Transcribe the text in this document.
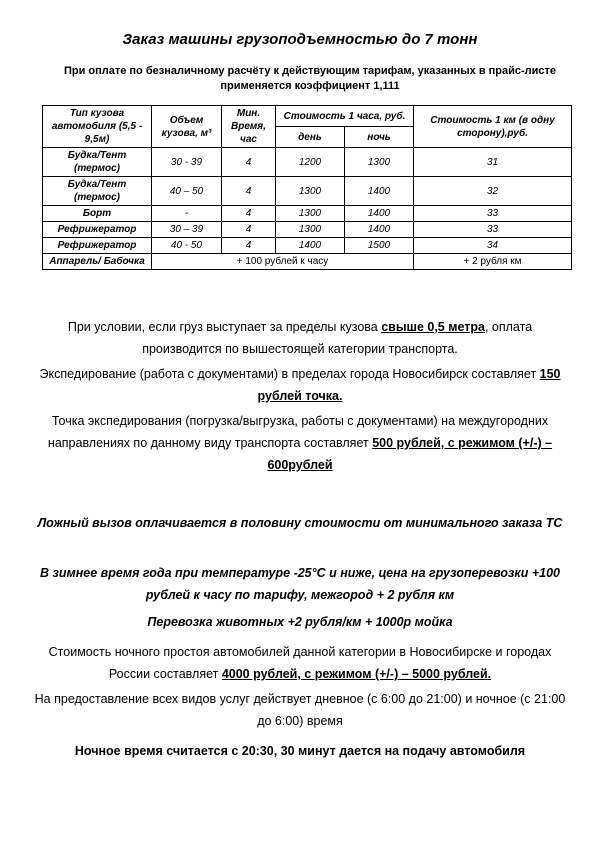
Заказ машины грузоподъемностью до 7 тонн

При оплате по безналичному расчёту к действующим тарифам, указанных в прайс-листе применяется коэффициент 1,111

Тип кузова автомобиля (5,5 - 9,5м)	Объем кузова, м³	Мин. Время, час	Стоимость 1 часа, руб.		Стоимость 1 км (в одну сторону),руб.
			день	ночь	
Будка/Тент (термос)	30 - 39	4	1200	1300	31
Будка/Тент (термос)	40 – 50	4	1300	1400	32
Борт	-	4	1300	1400	33
Рефрижератор	30 – 39	4	1300	1400	33
Рефрижератор	40 - 50	4	1400	1500	34
Аппарель/ Бабочка	+ 100 рублей к часу				+ 2 рубля км

При условии, если груз выступает за пределы кузова свыше 0,5 метра, оплата производится по вышестоящей категории транспорта.

Экспедирование (работа с документами) в пределах города Новосибирск составляет 150 рублей точка.

Точка экспедирования (погрузка/выгрузка, работы с документами) на междугородних направлениях по данному виду транспорта составляет 500 рублей, с режимом (+/-) – 600рублей

Ложный вызов оплачивается в половину стоимости от минимального заказа ТС

В зимнее время года при температуре -25°С и ниже, цена на грузоперевозки +100 рублей к часу по тарифу, межгород + 2 рубля км

Перевозка животных +2 рубля/км + 1000р мойка

Стоимость ночного простоя автомобилей данной категории в Новосибирске и городах России составляет 4000 рублей, с режимом (+/-) – 5000 рублей.

На предоставление всех видов услуг действует дневное (с 6:00 до 21:00) и ночное (с 21:00 до 6:00) время

Ночное время считается с 20:30, 30 минут дается на подачу автомобиля
